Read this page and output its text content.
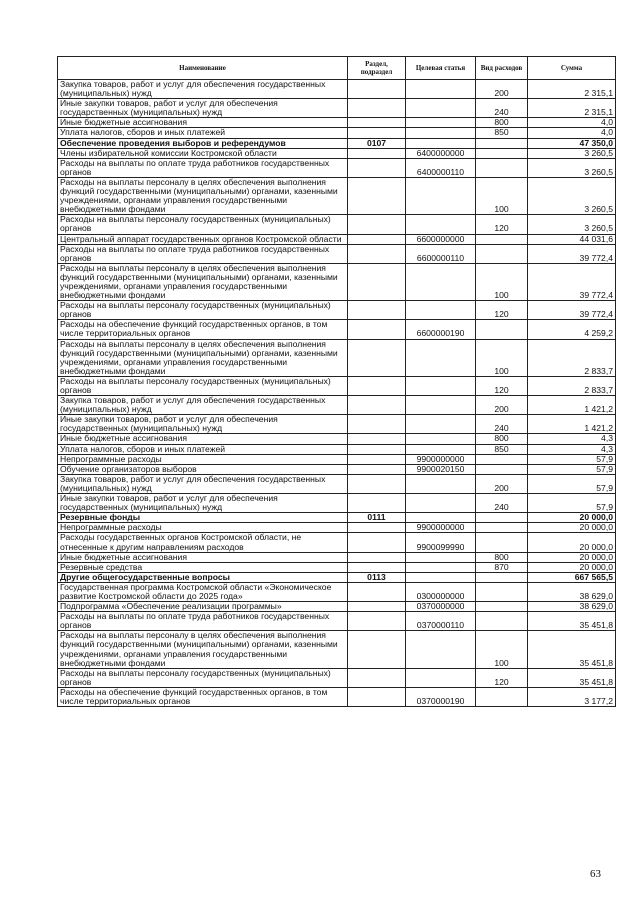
Наименование	Раздел, подраздел	Целевая статья	Вид расходов	Сумма
Закупка товаров, работ и услуг для обеспечения государственных (муниципальных) нужд			200	2 315,1
Иные закупки товаров, работ и услуг для обеспечения государственных (муниципальных) нужд			240	2 315,1
Иные бюджетные ассигнования			800	4,0
Уплата налогов, сборов и иных платежей			850	4,0
Обеспечение проведения выборов и референдумов	0107			47 350,0
Члены избирательной комиссии Костромской области		6400000000		3 260,5
Расходы на выплаты по оплате труда работников государственных органов		6400000110		3 260,5
Расходы на выплаты персоналу в целях обеспечения выполнения функций государственными (муниципальными) органами, казенными учреждениями, органами управления государственными внебюджетными фондами			100	3 260,5
Расходы на выплаты персоналу государственных (муниципальных) органов			120	3 260,5
Центральный аппарат государственных органов Костромской области		6600000000		44 031,6
Расходы на выплаты по оплате труда работников государственных органов		6600000110		39 772,4
Расходы на выплаты персоналу в целях обеспечения выполнения функций государственными (муниципальными) органами, казенными учреждениями, органами управления государственными внебюджетными фондами			100	39 772,4
Расходы на выплаты персоналу государственных (муниципальных) органов			120	39 772,4
Расходы на обеспечение функций государственных органов, в том числе территориальных органов		6600000190		4 259,2
Расходы на выплаты персоналу в целях обеспечения выполнения функций государственными (муниципальными) органами, казенными учреждениями, органами управления государственными внебюджетными фондами			100	2 833,7
Расходы на выплаты персоналу государственных (муниципальных) органов			120	2 833,7
Закупка товаров, работ и услуг для обеспечения государственных (муниципальных) нужд			200	1 421,2
Иные закупки товаров, работ и услуг для обеспечения государственных (муниципальных) нужд			240	1 421,2
Иные бюджетные ассигнования			800	4,3
Уплата налогов, сборов и иных платежей			850	4,3
Непрограммные расходы		9900000000		57,9
Обучение организаторов выборов		9900020150		57,9
Закупка товаров, работ и услуг для обеспечения государственных (муниципальных) нужд			200	57,9
Иные закупки товаров, работ и услуг для обеспечения государственных (муниципальных) нужд			240	57,9
Резервные фонды	0111			20 000,0
Непрограммные расходы		9900000000		20 000,0
Расходы государственных органов Костромской области, не отнесенные к другим направлениям расходов		9900099990		20 000,0
Иные бюджетные ассигнования			800	20 000,0
Резервные средства			870	20 000,0
Другие общегосударственные вопросы	0113			667 565,5
Государственная программа Костромской области «Экономическое развитие Костромской области до 2025 года»		0300000000		38 629,0
Подпрограмма «Обеспечение реализации программы»		0370000000		38 629,0
Расходы на выплаты по оплате труда работников государственных органов		0370000110		35 451,8
Расходы на выплаты персоналу в целях обеспечения выполнения функций государственными (муниципальными) органами, казенными учреждениями, органами управления государственными внебюджетными фондами			100	35 451,8
Расходы на выплаты персоналу государственных (муниципальных) органов			120	35 451,8
Расходы на обеспечение функций государственных органов, в том числе территориальных органов		0370000190		3 177,2
63
